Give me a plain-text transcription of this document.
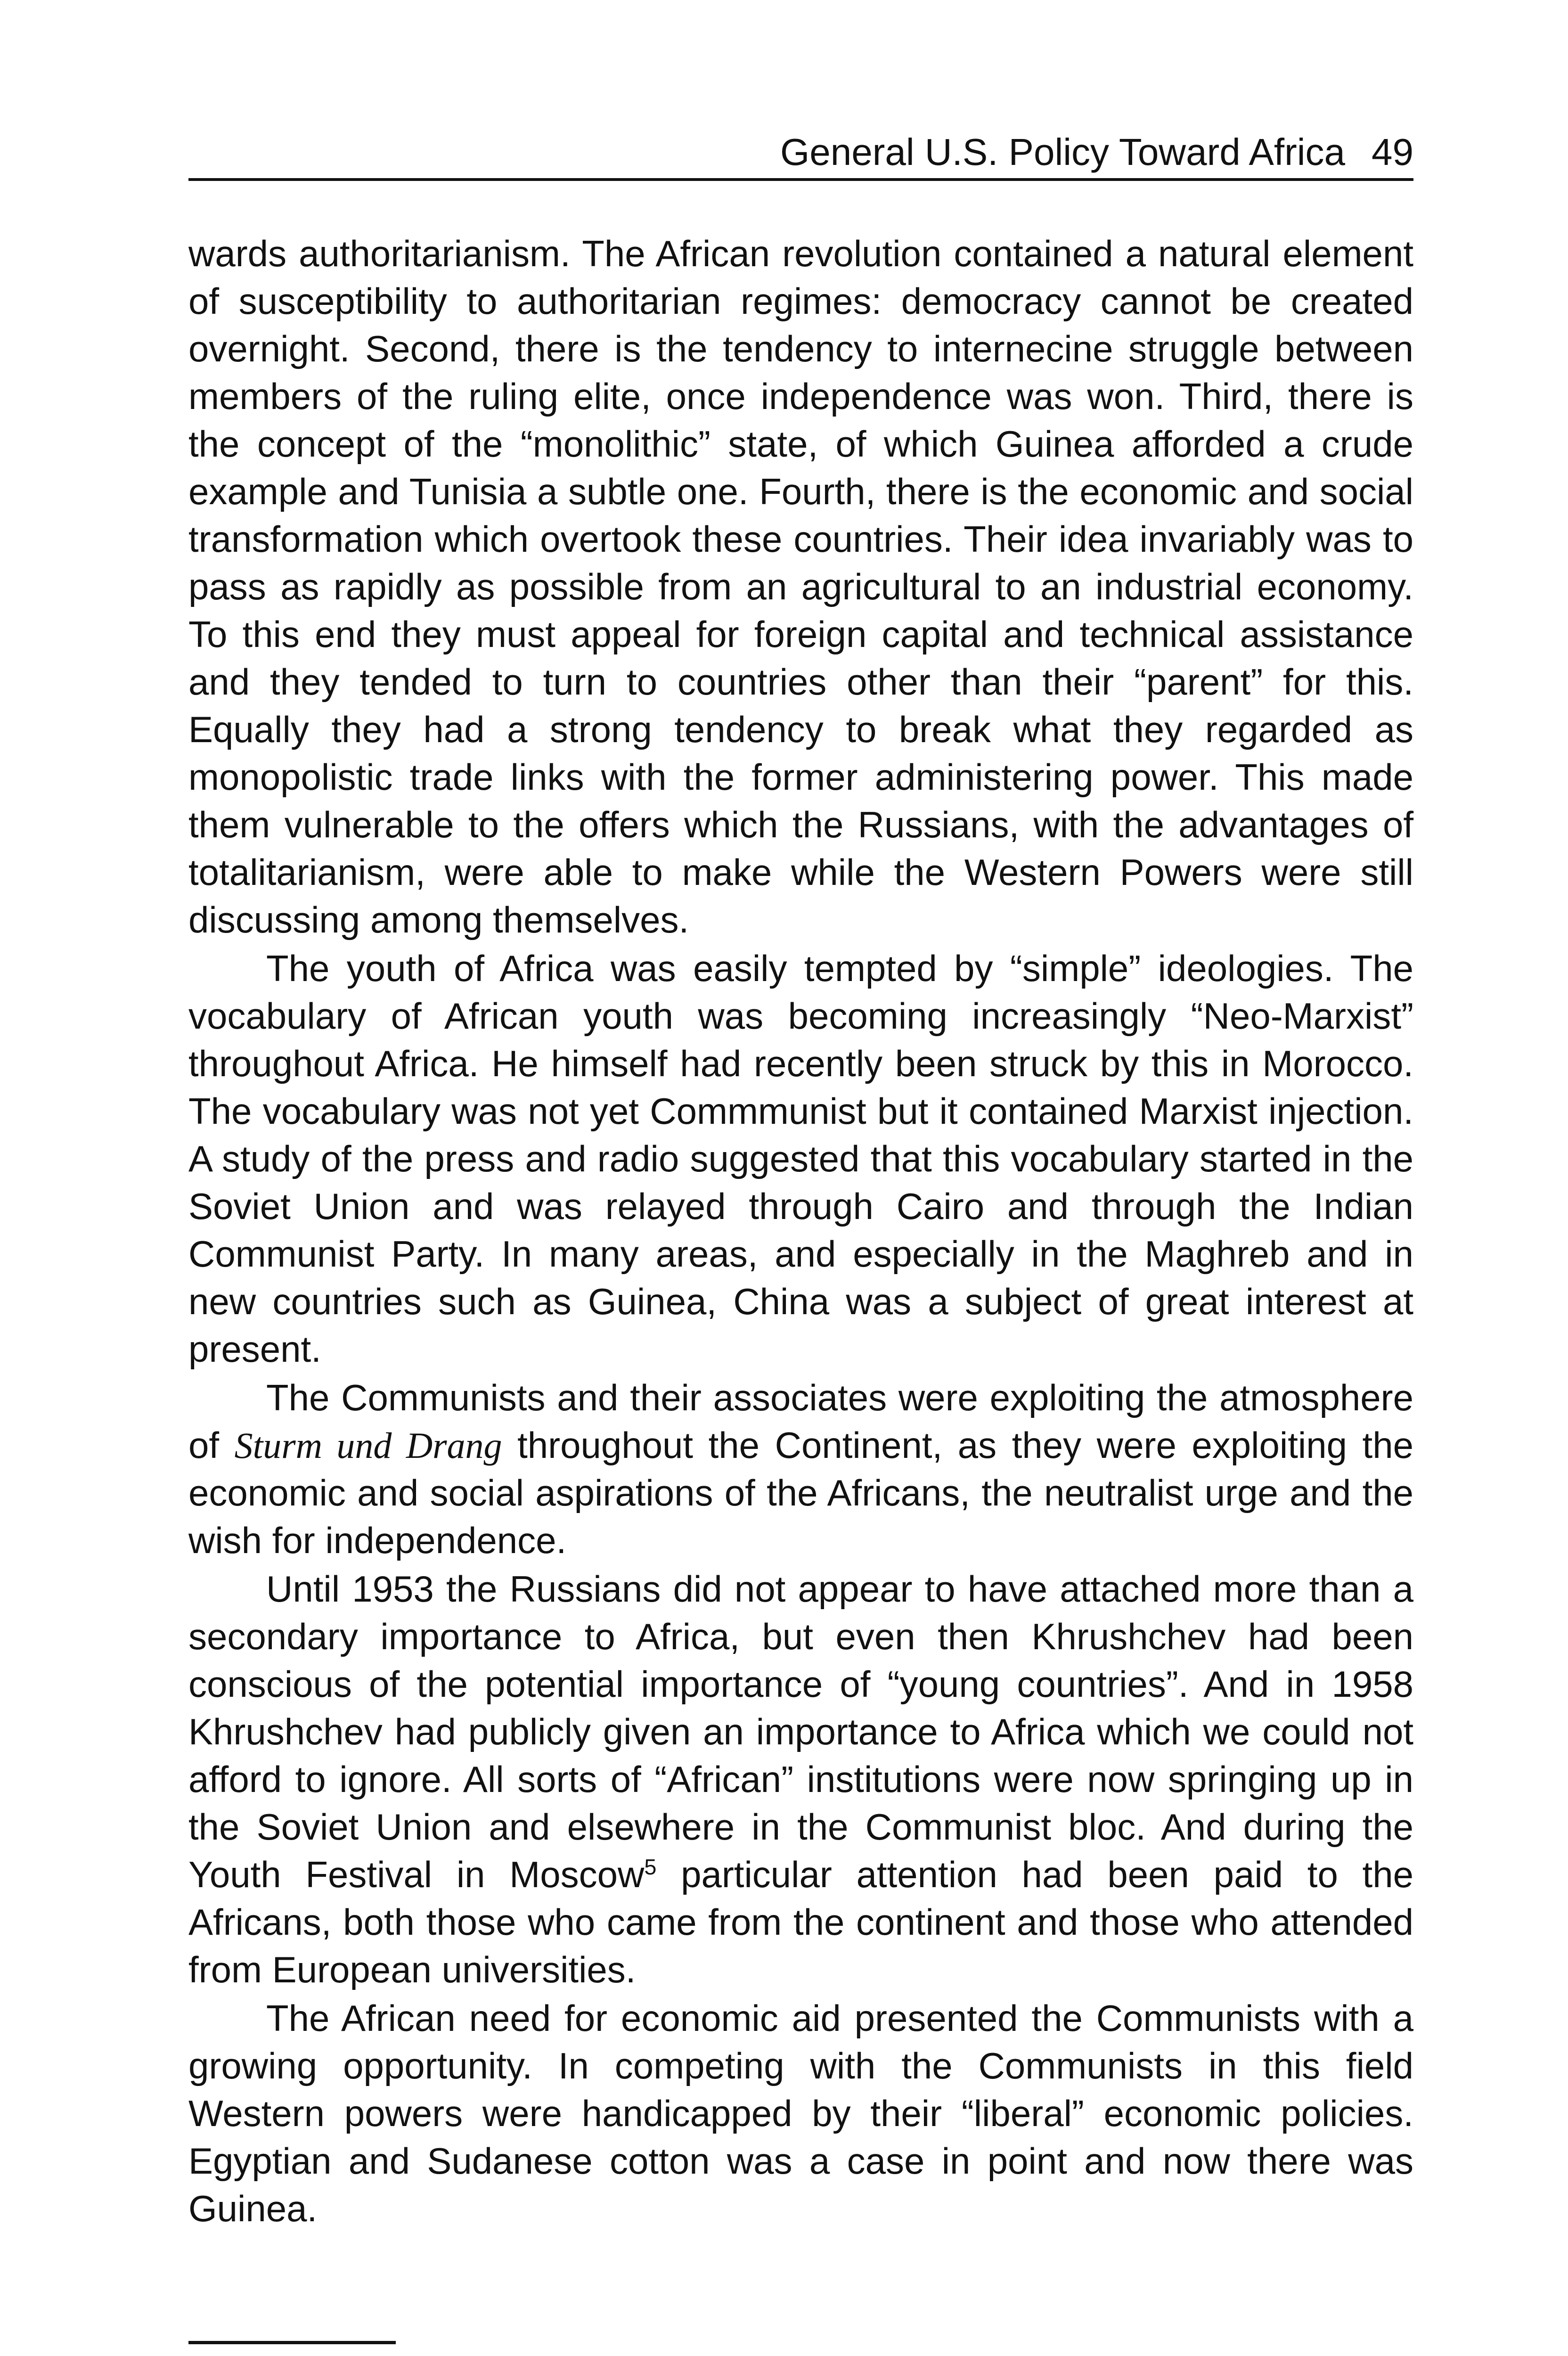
General U.S. Policy Toward Africa 49

wards authoritarianism. The African revolution contained a natural element of susceptibility to authoritarian regimes: democracy cannot be created overnight. Second, there is the tendency to internecine struggle between members of the ruling elite, once independence was won. Third, there is the concept of the “monolithic” state, of which Guinea afforded a crude example and Tunisia a subtle one. Fourth, there is the economic and social transformation which overtook these countries. Their idea invariably was to pass as rapidly as possible from an agricultural to an industrial economy. To this end they must appeal for foreign capital and technical assistance and they tended to turn to countries other than their “parent” for this. Equally they had a strong tendency to break what they regarded as monopolistic trade links with the former administering power. This made them vulnerable to the offers which the Russians, with the advantages of totalitarianism, were able to make while the Western Powers were still discussing among themselves.

The youth of Africa was easily tempted by “simple” ideologies. The vocabulary of African youth was becoming increasingly “Neo-Marxist” throughout Africa. He himself had recently been struck by this in Morocco. The vocabulary was not yet Commmunist but it contained Marxist injection. A study of the press and radio suggested that this vocabulary started in the Soviet Union and was relayed through Cairo and through the Indian Communist Party. In many areas, and especially in the Maghreb and in new countries such as Guinea, China was a subject of great interest at present.

The Communists and their associates were exploiting the atmosphere of Sturm und Drang throughout the Continent, as they were exploiting the economic and social aspirations of the Africans, the neutralist urge and the wish for independence.

Until 1953 the Russians did not appear to have attached more than a secondary importance to Africa, but even then Khrushchev had been conscious of the potential importance of “young countries”. And in 1958 Khrushchev had publicly given an importance to Africa which we could not afford to ignore. All sorts of “African” institutions were now springing up in the Soviet Union and elsewhere in the Communist bloc. And during the Youth Festival in Moscow$^5$ particular attention had been paid to the Africans, both those who came from the continent and those who attended from European universities.

The African need for economic aid presented the Communists with a growing opportunity. In competing with the Communists in this field Western powers were handicapped by their “liberal” economic policies. Egyptian and Sudanese cotton was a case in point and now there was Guinea.
